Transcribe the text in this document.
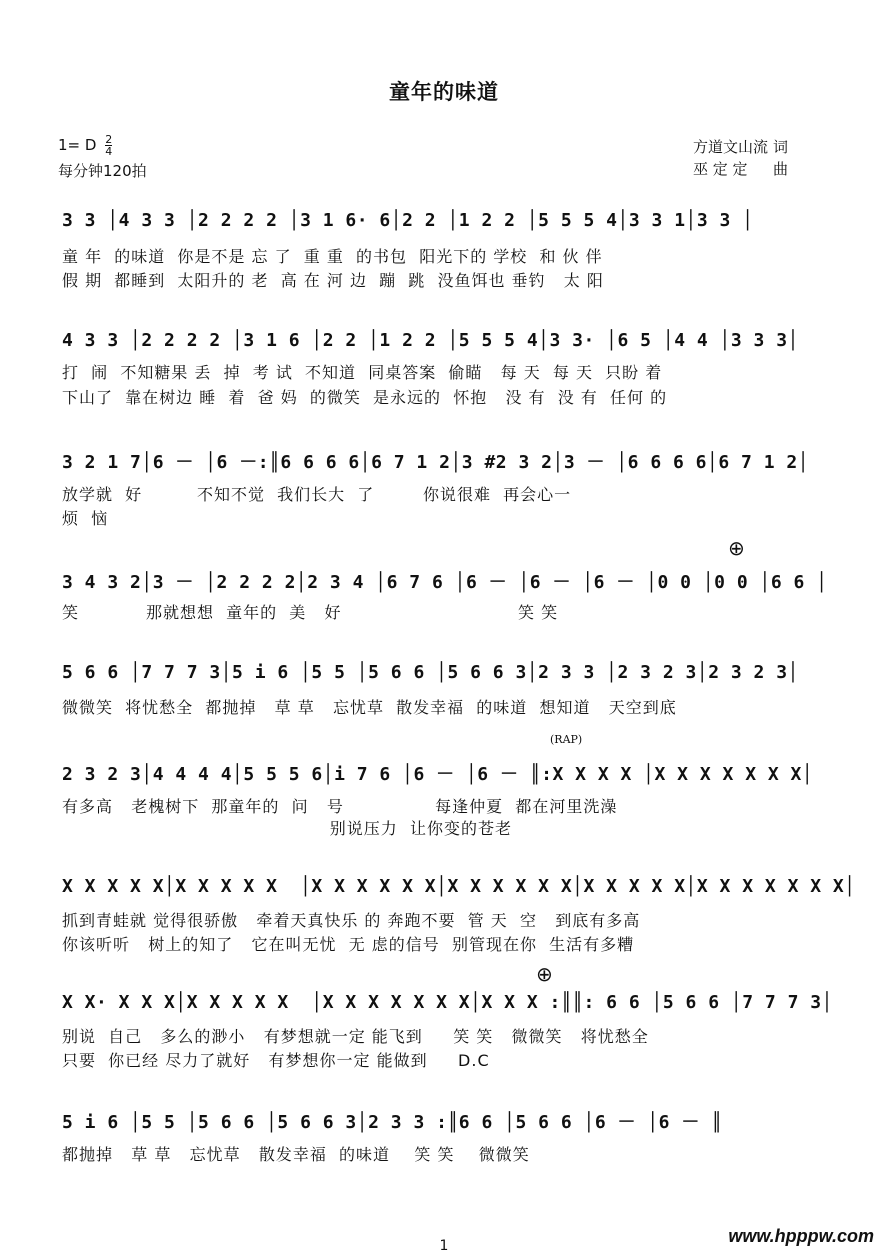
童年的味道
1= D $\frac{2}{4}$
每分钟120拍
方道文山流 词
巫 定 定 曲
3 3 │4 3 3 │2 2 2 2 │3 1 6· 6│2 2 │1 2 2 │5 5 5 4│3 3 1│3 3 │
童 年  的味道  你是不是 忘 了  重 重  的书包  阳光下的 学校  和 伙 伴
假 期  都睡到  太阳升的 老  高 在 河 边  蹦  跳  没鱼饵也 垂钓   太 阳
4 3 3 │2 2 2 2 │3 1 6 │2 2 │1 2 2 │5 5 5 4│3 3· │6 5 │4 4 │3 3 3│
打  闹  不知糖果 丢  掉  考 试  不知道  同桌答案  偷瞄   每 天  每 天  只盼 着
下山了  靠在树边 睡  着  爸 妈  的微笑  是永远的  怀抱   没 有  没 有  任何 的
3 2 1 7│6 － │6 －:║6 6 6 6│6 7 1 2│3 #2 3 2│3 － │6 6 6 6│6 7 1 2│
放学就  好         不知不觉  我们长大  了        你说很难  再会心一
烦  恼
⊕
3 4 3 2│3 － │2 2 2 2│2 3 4 │6 7 6 │6 － │6 － │6 － │0 0 │0 0 │6 6 │
笑           那就想想  童年的  美   好                             笑 笑
5 6 6 │7 7 7 3│5 i 6 │5 5 │5 6 6 │5 6 6 3│2 3 3 │2 3 2 3│2 3 2 3│
微微笑  将忧愁全  都抛掉   草 草   忘忧草  散发幸福  的味道  想知道   天空到底
(RAP)
2 3 2 3│4 4 4 4│5 5 5 6│i 7 6 │6 － │6 － ║:X X X X │X X X X X X X│
有多高   老槐树下  那童年的  问   号               每逢仲夏  都在河里洗澡
别说压力  让你变的苍老
X X X X X│X X X X X  │X X X X X X│X X X X X X│X X X X X│X X X X X X X│
抓到青蛙就 觉得很骄傲   牵着天真快乐 的 奔跑不要  管 天  空   到底有多高
你该听听   树上的知了   它在叫无忧  无 虑的信号  别管现在你  生活有多糟
⊕
X X· X X X│X X X X X  │X X X X X X X│X X X :║║: 6 6 │5 6 6 │7 7 7 3│
别说  自己   多么的渺小   有梦想就一定 能飞到     笑 笑   微微笑   将忧愁全
只要  你已经 尽力了就好   有梦想你一定 能做到     D.C
5 i 6 │5 5 │5 6 6 │5 6 6 3│2 3 3 :║6 6 │5 6 6 │6 － │6 － ║
都抛掉   草 草   忘忧草   散发幸福  的味道    笑 笑    微微笑
1	www.hpppw.com
